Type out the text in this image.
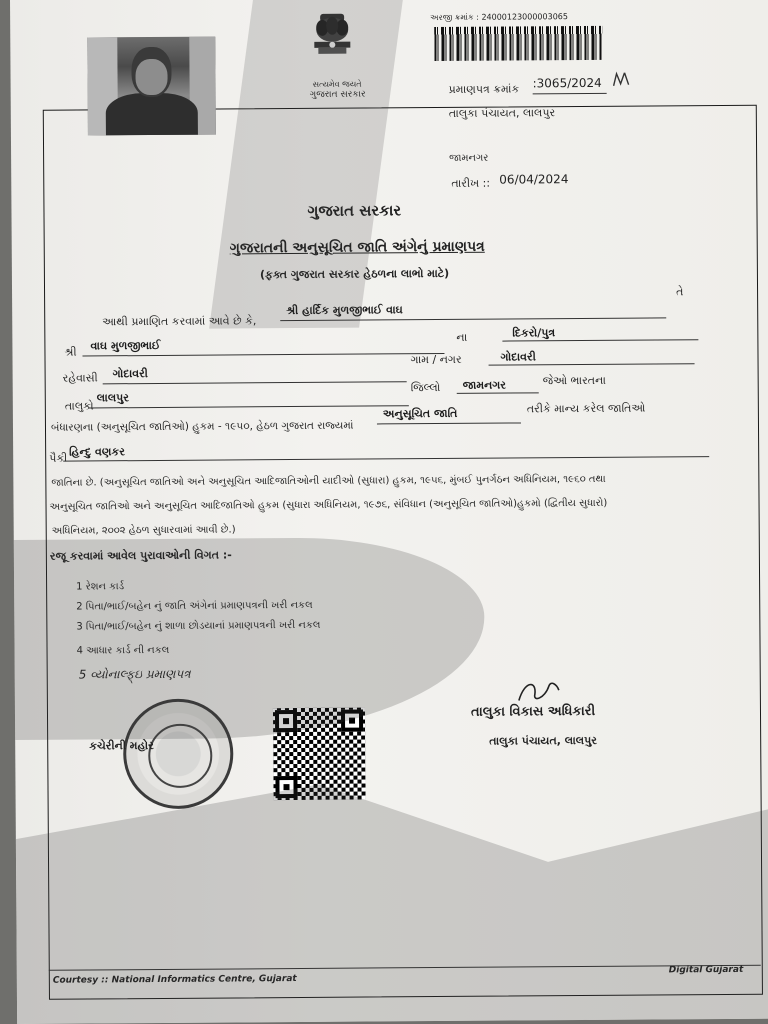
સત્યમેવ જયતે
ગુજરાત સરકાર
અરજી ક્રમાંક : 24000123000003065
પ્રમાણપત્ર ક્રમાંક :3065/2024
તાલુકા પંચાયત, લાલપુર
જામનગર
તારીખ :: 06/04/2024
ગુજરાત સરકાર
ગુજરાતની અનુસૂચિત જાતિ અંગેનું પ્રમાણપત્ર
(ફક્ત ગુજરાત સરકાર હેઠળના લાભો માટે)
આથી પ્રમાણિત કરવામાં આવે છે કે,
શ્રી હાર્દિક મુળજીભાઈ વાઘ
તે
શ્રી વાઘ મુળજીભાઈ
ના	દિકરો/પુત્ર
રહેવાસી ગોદાવરી
ગામ / નગર	ગોદાવરી
તાલુકો
લાલપુર
જિલ્લો જામનગર	જેઓ ભારતના
બંધારણના (અનુસૂચિત જાતિઓ) હુકમ - ૧૯૫૦, હેઠળ ગુજરાત રાજ્યમાં
અનુસૂચિત જાતિ	તરીકે માન્ય કરેલ જાતિઓ
પૈકી હિન્દુ વણકર
જાતિના છે. (અનુસૂચિત જાતિઓ અને અનુસૂચિત આદિજાતિઓની યાદીઓ (સુધારા) હુકમ, ૧૯૫૬, મુંબઈ પુનર્ગઠન અધિનિયમ, ૧૯૬૦ તથા
અનુસૂચિત જાતિઓ અને અનુસૂચિત આદિજાતિઓ હુકમ (સુધારા અધિનિયમ, ૧૯૭૬, સંવિધાન (અનુસૂચિત જાતિઓ)હુકમો (દ્વિતીય સુધારો)
અધિનિયમ, ૨૦૦૨ હેઠળ સુધારવામાં આવી છે.)
રજૂ કરવામાં આવેલ પુરાવાઓની વિગત :-
1 રેશન કાર્ડ
2 પિતા/ભાઈ/બહેન નું જાતિ અંગેનાં પ્રમાણપત્રની ખરી નકલ
3 પિતા/ભાઈ/બહેન નું શાળા છોડયાનાં પ્રમાણપત્રની ખરી નકલ
4 આધાર કાર્ડ ની નકલ
5 વ્યોનાલ્ફ્ઇ પ્રમાણપત્ર
કચેરીની મહોર
તાલુકા વિકાસ અધિકારી
તાલુકા પંચાયત, લાલપુર
Courtesy :: National Informatics Centre, Gujarat
Digital Gujarat
